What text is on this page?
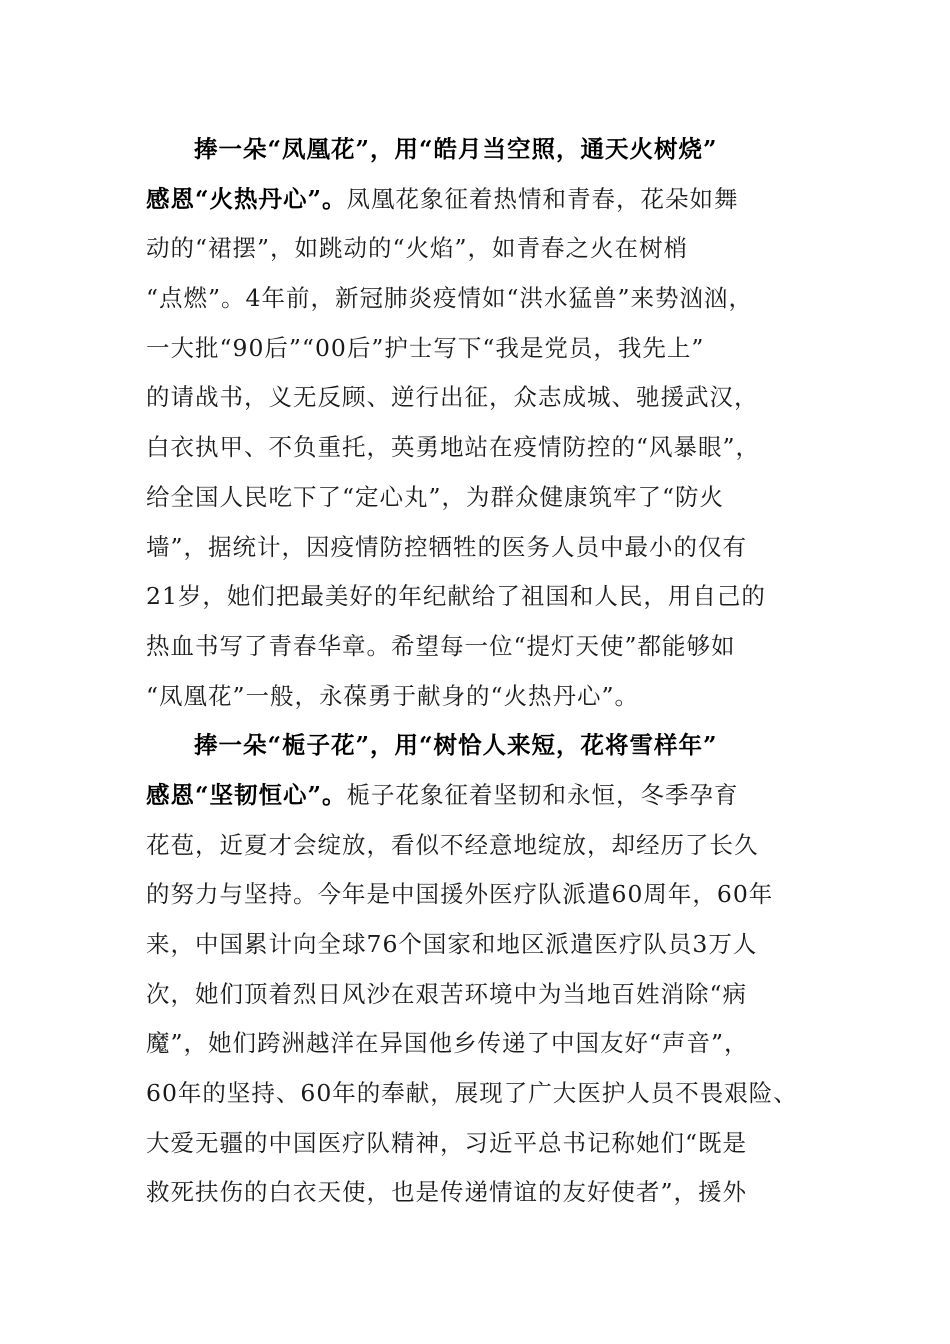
捧一朵“凤凰花”，用“皓月当空照，通天火树烧”
感恩“火热丹心”。凤凰花象征着热情和青春，花朵如舞
动的“裙摆”，如跳动的“火焰”，如青春之火在树梢
“点燃”。4年前，新冠肺炎疫情如“洪水猛兽”来势汹汹，
一大批“90后”“00后”护士写下“我是党员，我先上”
的请战书，义无反顾、逆行出征，众志成城、驰援武汉，
白衣执甲、不负重托，英勇地站在疫情防控的“风暴眼”，
给全国人民吃下了“定心丸”，为群众健康筑牢了“防火
墙”，据统计，因疫情防控牺牲的医务人员中最小的仅有
21岁，她们把最美好的年纪献给了祖国和人民，用自己的
热血书写了青春华章。希望每一位“提灯天使”都能够如
“凤凰花”一般，永葆勇于献身的“火热丹心”。
捧一朵“栀子花”，用“树恰人来短，花将雪样年”
感恩“坚韧恒心”。栀子花象征着坚韧和永恒，冬季孕育
花苞，近夏才会绽放，看似不经意地绽放，却经历了长久
的努力与坚持。今年是中国援外医疗队派遣60周年，60年
来，中国累计向全球76个国家和地区派遣医疗队员3万人
次，她们顶着烈日风沙在艰苦环境中为当地百姓消除“病
魔”，她们跨洲越洋在异国他乡传递了中国友好“声音”，
60年的坚持、60年的奉献，展现了广大医护人员不畏艰险、
大爱无疆的中国医疗队精神，习近平总书记称她们“既是
救死扶伤的白衣天使，也是传递情谊的友好使者”，援外
